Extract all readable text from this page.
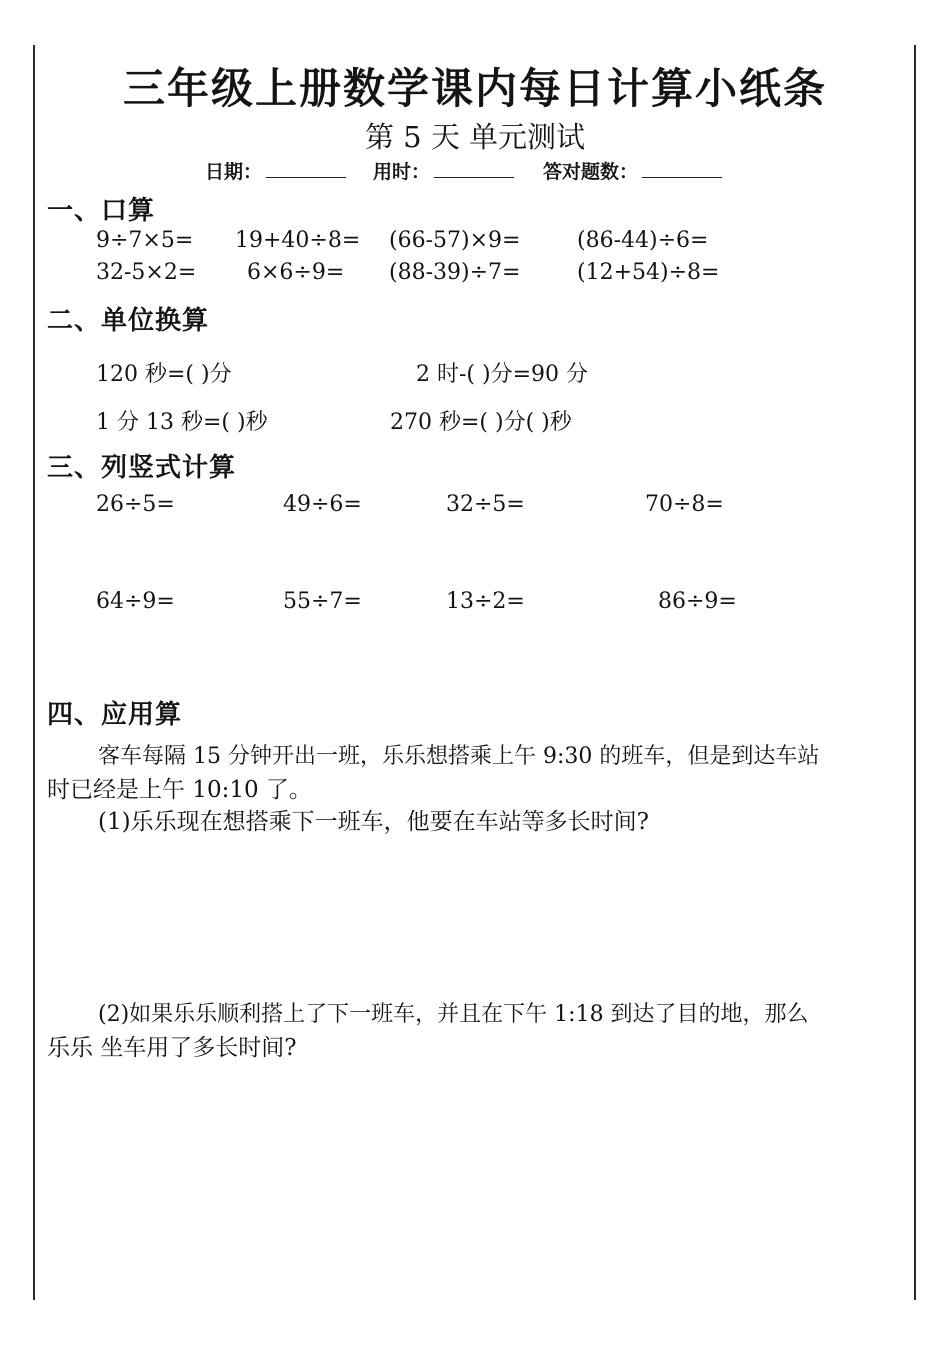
三年级上册数学课内每日计算小纸条
第 5 天 单元测试
日期：	用时：	答对题数：
一、口算
9÷7×5= 19+40÷8= (66-57)×9=	(86-44)÷6=
32-5×2= 6×6÷9= (88-39)÷7=	(12+54)÷8=
二、单位换算
120 秒=( )分	2 时-( )分=90 分
1 分 13 秒=( )秒	270 秒=( )分( )秒
三、列竖式计算
26÷5=	49÷6=	32÷5=	70÷8=
64÷9=	55÷7=	13÷2=	86÷9=
四、应用算
客车每隔 15 分钟开出一班，乐乐想搭乘上午 9:30 的班车，但是到达车站
时已经是上午 10:10 了。
(1)乐乐现在想搭乘下一班车，他要在车站等多长时间?
(2)如果乐乐顺利搭上了下一班车，并且在下午 1:18 到达了目的地，那么
乐乐 坐车用了多长时间?
